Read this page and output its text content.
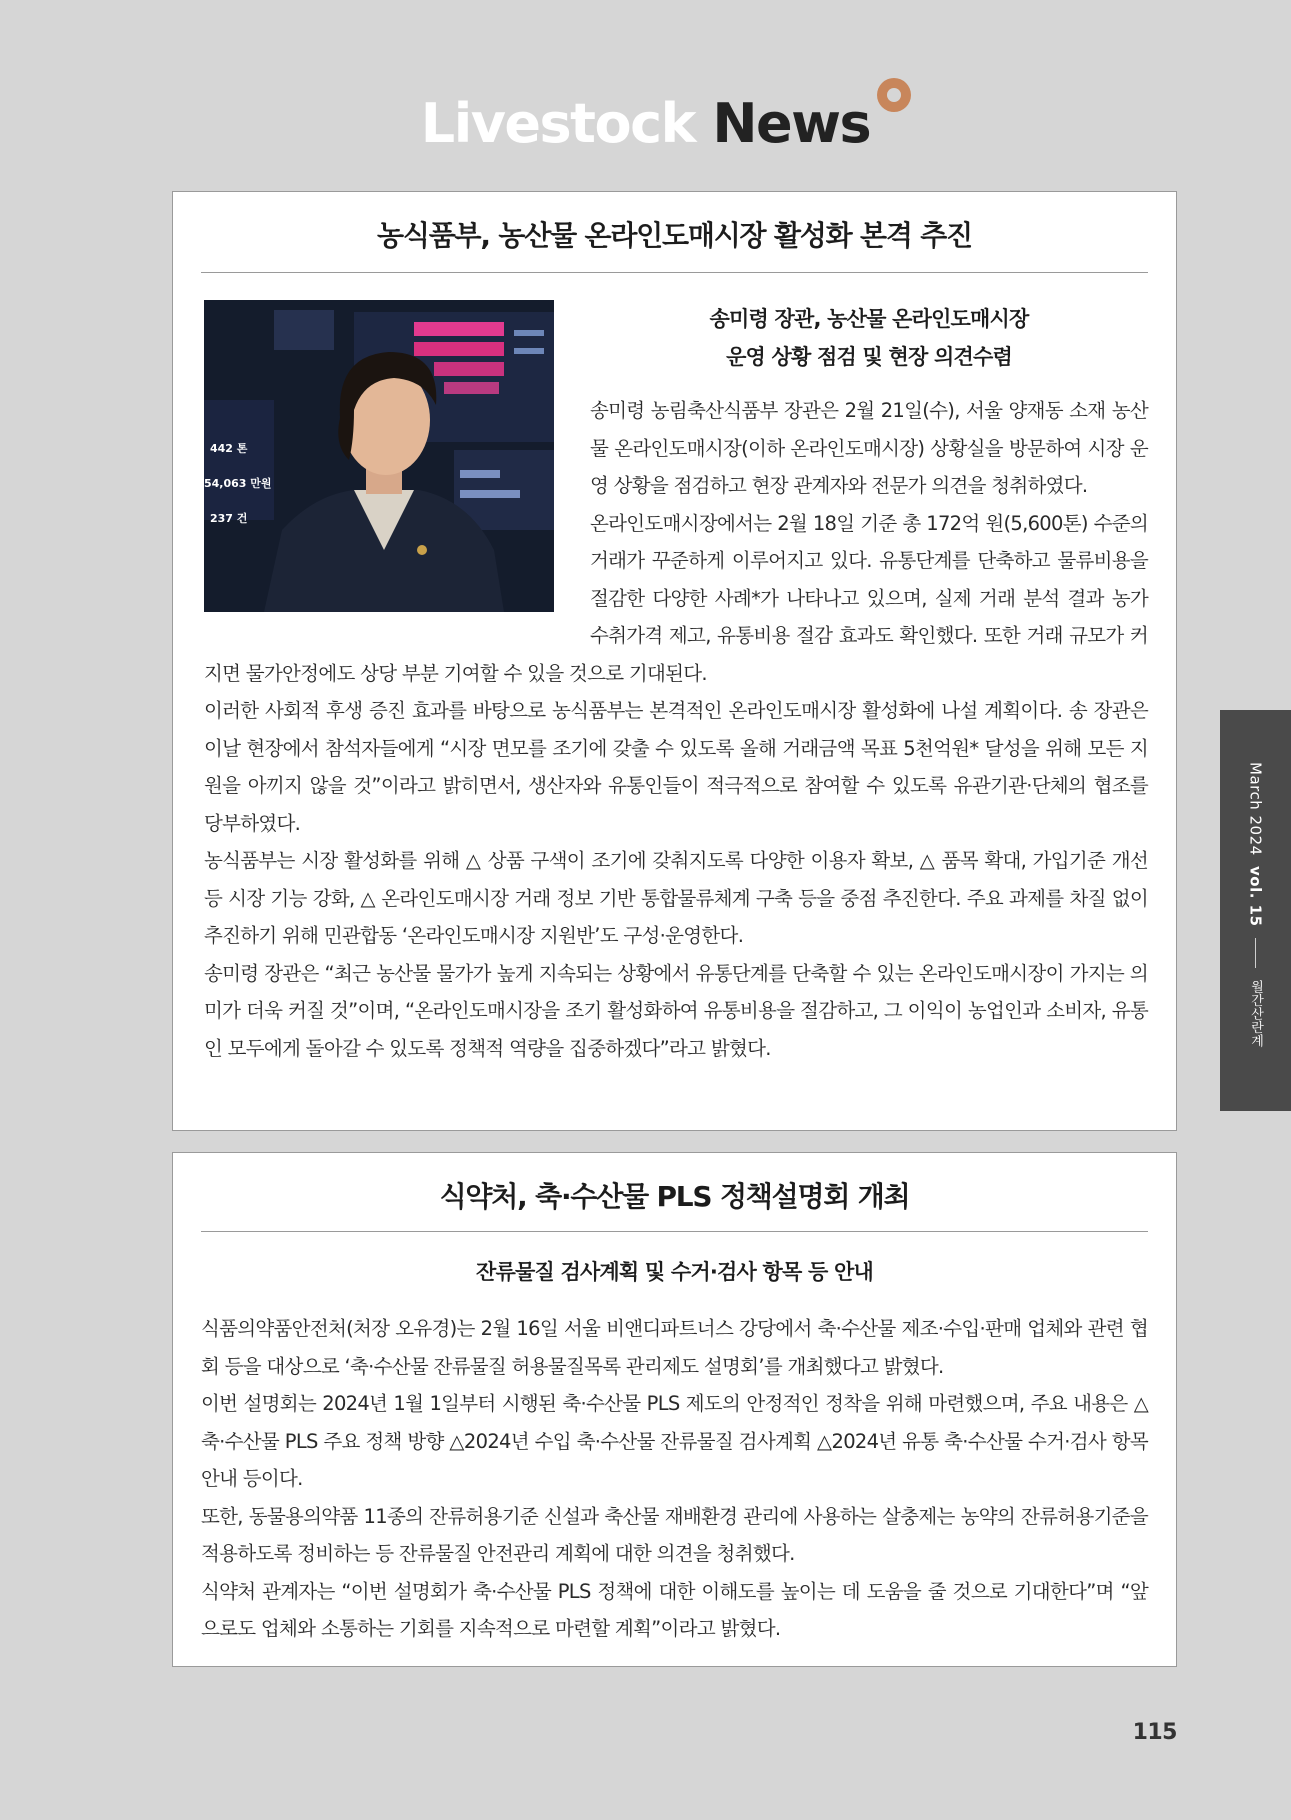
Livestock News
농식품부, 농산물 온라인도매시장 활성화 본격 추진
442 톤
54,063 만원
237 건
송미령 장관, 농산물 온라인도매시장
운영 상황 점검 및 현장 의견수렴

송미령 농림축산식품부 장관은 2월 21일(수), 서울 양재동 소재 농산물 온라인도매시장(이하 온라인도매시장) 상황실을 방문하여 시장 운영 상황을 점검하고 현장 관계자와 전문가 의견을 청취하였다.

온라인도매시장에서는 2월 18일 기준 총 172억 원(5,600톤) 수준의 거래가 꾸준하게 이루어지고 있다. 유통단계를 단축하고 물류비용을 절감한 다양한 사례*가 나타나고 있으며, 실제 거래 분석 결과 농가 수취가격 제고, 유통비용 절감 효과도 확인했다. 또한 거래 규모가 커지면 물가안정에도 상당 부분 기여할 수 있을 것으로 기대된다.

이러한 사회적 후생 증진 효과를 바탕으로 농식품부는 본격적인 온라인도매시장 활성화에 나설 계획이다. 송 장관은 이날 현장에서 참석자들에게 “시장 면모를 조기에 갖출 수 있도록 올해 거래금액 목표 5천억원* 달성을 위해 모든 지원을 아끼지 않을 것”이라고 밝히면서, 생산자와 유통인들이 적극적으로 참여할 수 있도록 유관기관·단체의 협조를 당부하였다.

농식품부는 시장 활성화를 위해 △ 상품 구색이 조기에 갖춰지도록 다양한 이용자 확보, △ 품목 확대, 가입기준 개선 등 시장 기능 강화, △ 온라인도매시장 거래 정보 기반 통합물류체계 구축 등을 중점 추진한다. 주요 과제를 차질 없이 추진하기 위해 민관합동 ‘온라인도매시장 지원반’도 구성·운영한다.

송미령 장관은 “최근 농산물 물가가 높게 지속되는 상황에서 유통단계를 단축할 수 있는 온라인도매시장이 가지는 의미가 더욱 커질 것”이며, “온라인도매시장을 조기 활성화하여 유통비용을 절감하고, 그 이익이 농업인과 소비자, 유통인 모두에게 돌아갈 수 있도록 정책적 역량을 집중하겠다”라고 밝혔다.

식약처, 축·수산물 PLS 정책설명회 개최
잔류물질 검사계획 및 수거·검사 항목 등 안내

식품의약품안전처(처장 오유경)는 2월 16일 서울 비앤디파트너스 강당에서 축·수산물 제조·수입·판매 업체와 관련 협회 등을 대상으로 ‘축·수산물 잔류물질 허용물질목록 관리제도 설명회’를 개최했다고 밝혔다.

이번 설명회는 2024년 1월 1일부터 시행된 축·수산물 PLS 제도의 안정적인 정착을 위해 마련했으며, 주요 내용은 △축·수산물 PLS 주요 정책 방향 △2024년 수입 축·수산물 잔류물질 검사계획 △2024년 유통 축·수산물 수거·검사 항목 안내 등이다.

또한, 동물용의약품 11종의 잔류허용기준 신설과 축산물 재배환경 관리에 사용하는 살충제는 농약의 잔류허용기준을 적용하도록 정비하는 등 잔류물질 안전관리 계획에 대한 의견을 청취했다.

식약처 관계자는 “이번 설명회가 축·수산물 PLS 정책에 대한 이해도를 높이는 데 도움을 줄 것으로 기대한다”며 “앞으로도 업체와 소통하는 기회를 지속적으로 마련할 계획”이라고 밝혔다.

March 2024
vol. 15
월간산란계
115
